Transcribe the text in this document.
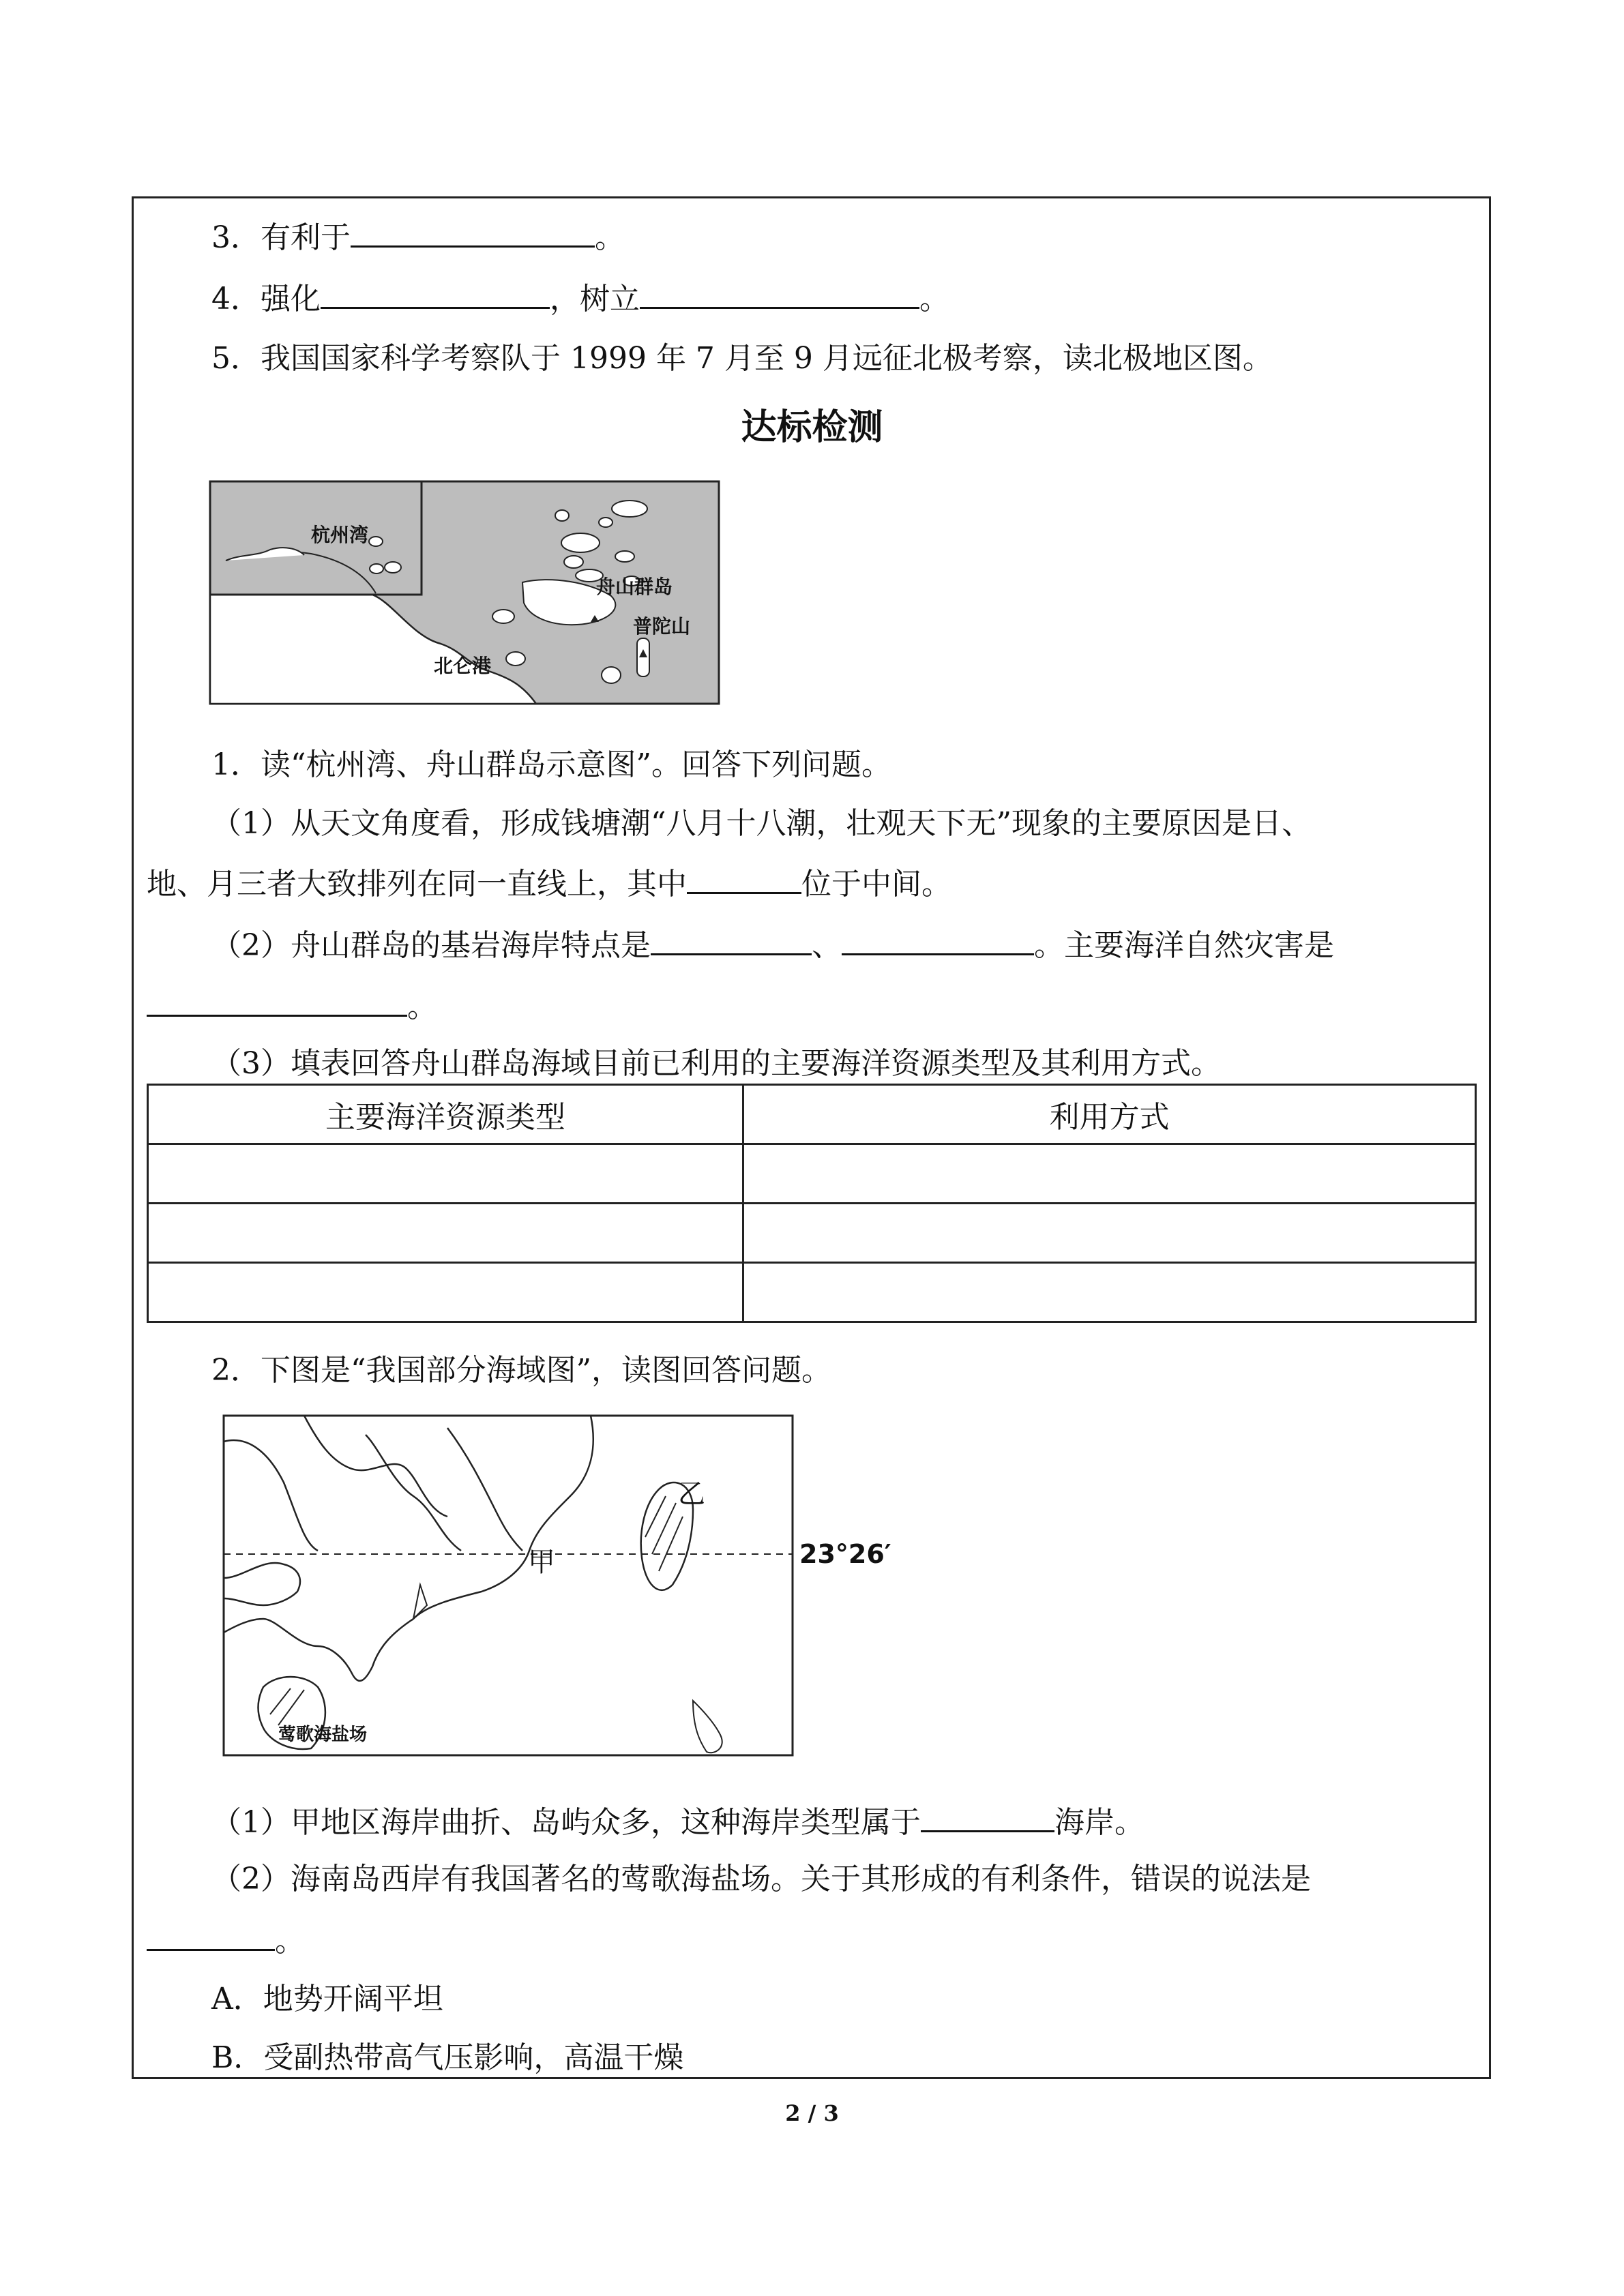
3．有利于	。
4．强化	，树立	。
5．我国国家科学考察队于 1999 年 7 月至 9 月远征北极考察，读北极地区图。
达标检测
杭州湾
舟山群岛
普陀山
北仑港
1．读“杭州湾、舟山群岛示意图”。回答下列问题。
（1）从天文角度看，形成钱塘潮“八月十八潮，壮观天下无”现象的主要原因是日、
地、月三者大致排列在同一直线上，其中	位于中间。
（2）舟山群岛的基岩海岸特点是	、	。主要海洋自然灾害是
。
（3）填表回答舟山群岛海域目前已利用的主要海洋资源类型及其利用方式。
主要海洋资源类型	利用方式

2．下图是“我国部分海域图”，读图回答问题。
甲
乙
23°26′
莺歌海盐场
（1）甲地区海岸曲折、岛屿众多，这种海岸类型属于	海岸。
（2）海南岛西岸有我国著名的莺歌海盐场。关于其形成的有利条件，错误的说法是
。
A．地势开阔平坦
B．受副热带高气压影响，高温干燥
2 / 3
